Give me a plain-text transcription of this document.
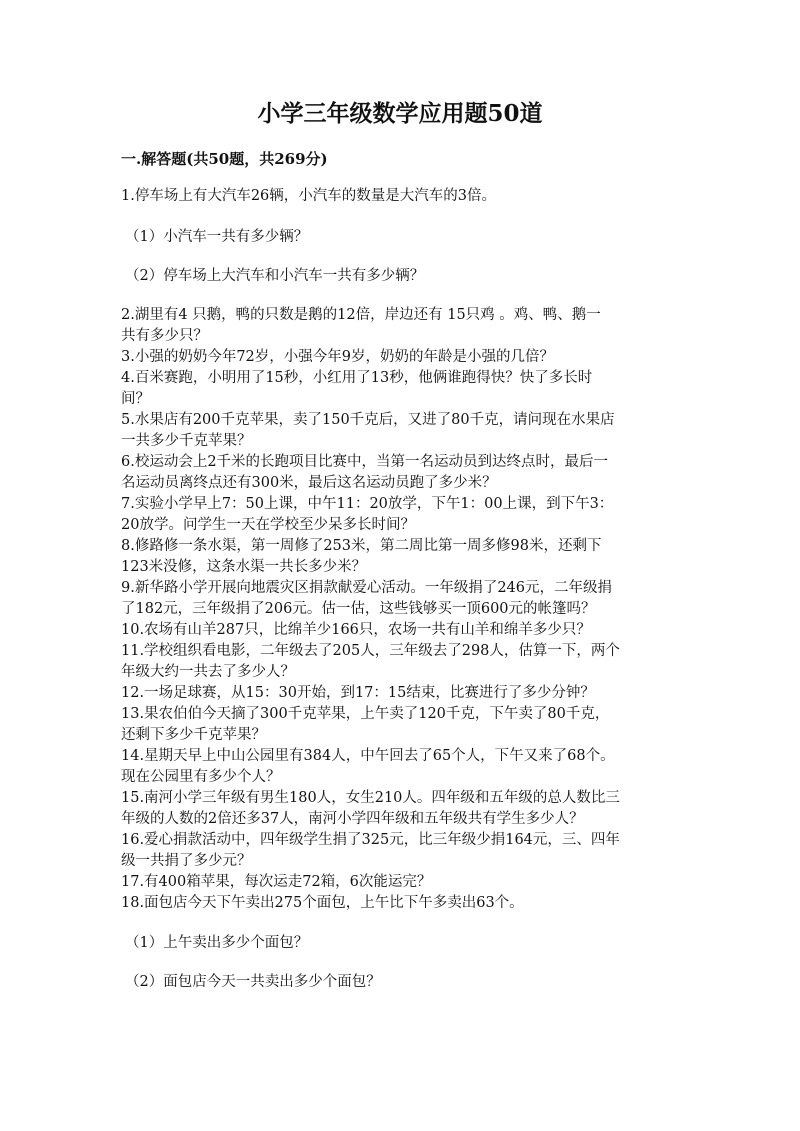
小学三年级数学应用题50道
一.解答题(共50题，共269分)
1.停车场上有大汽车26辆，小汽车的数量是大汽车的3倍。
（1）小汽车一共有多少辆？
（2）停车场上大汽车和小汽车一共有多少辆？
2.湖里有4 只鹅，鸭的只数是鹅的12倍，岸边还有 15只鸡 。鸡、鸭、鹅一
共有多少只？
3.小强的奶奶今年72岁，小强今年9岁，奶奶的年龄是小强的几倍？
4.百米赛跑，小明用了15秒，小红用了13秒，他俩谁跑得快？快了多长时
间？
5.水果店有200千克苹果，卖了150千克后，又进了80千克，请问现在水果店
一共多少千克苹果？
6.校运动会上2千米的长跑项目比赛中，当第一名运动员到达终点时，最后一
名运动员离终点还有300米，最后这名运动员跑了多少米？
7.实验小学早上7：50上课，中午11：20放学，下午1：00上课，到下午3：
20放学。问学生一天在学校至少呆多长时间？
8.修路修一条水渠，第一周修了253米，第二周比第一周多修98米，还剩下
123米没修，这条水渠一共长多少米？
9.新华路小学开展向地震灾区捐款献爱心活动。一年级捐了246元，二年级捐
了182元，三年级捐了206元。估一估，这些钱够买一顶600元的帐篷吗？
10.农场有山羊287只，比绵羊少166只，农场一共有山羊和绵羊多少只？
11.学校组织看电影，二年级去了205人，三年级去了298人，估算一下，两个
年级大约一共去了多少人？
12.一场足球赛，从15：30开始，到17：15结束，比赛进行了多少分钟？
13.果农伯伯今天摘了300千克苹果，上午卖了120千克，下午卖了80千克，
还剩下多少千克苹果？
14.星期天早上中山公园里有384人，中午回去了65个人，下午又来了68个。
现在公园里有多少个人？
15.南河小学三年级有男生180人，女生210人。四年级和五年级的总人数比三
年级的人数的2倍还多37人，南河小学四年级和五年级共有学生多少人？
16.爱心捐款活动中，四年级学生捐了325元，比三年级少捐164元，三、四年
级一共捐了多少元？
17.有400箱苹果，每次运走72箱，6次能运完？
18.面包店今天下午卖出275个面包，上午比下午多卖出63个。
（1）上午卖出多少个面包？
（2）面包店今天一共卖出多少个面包？
